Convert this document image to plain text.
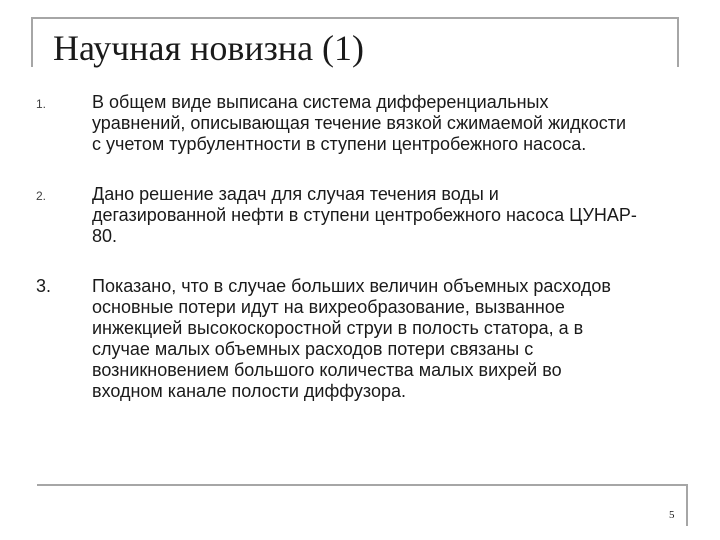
Научная новизна (1)
1.	В общем виде выписана система дифференциальных
уравнений, описывающая течение вязкой сжимаемой жидкости
с учетом турбулентности в ступени центробежного насоса.
2.	Дано решение задач для случая течения воды и
дегазированной нефти в ступени центробежного насоса ЦУНАР-
80.
3. Показано, что в случае больших величин объемных расходов
основные потери идут на вихреобразование, вызванное
инжекцией высокоскоростной струи в полость статора, а в
случае малых объемных расходов потери связаны с
возникновением большого количества малых вихрей во
входном канале полости диффузора.
5
